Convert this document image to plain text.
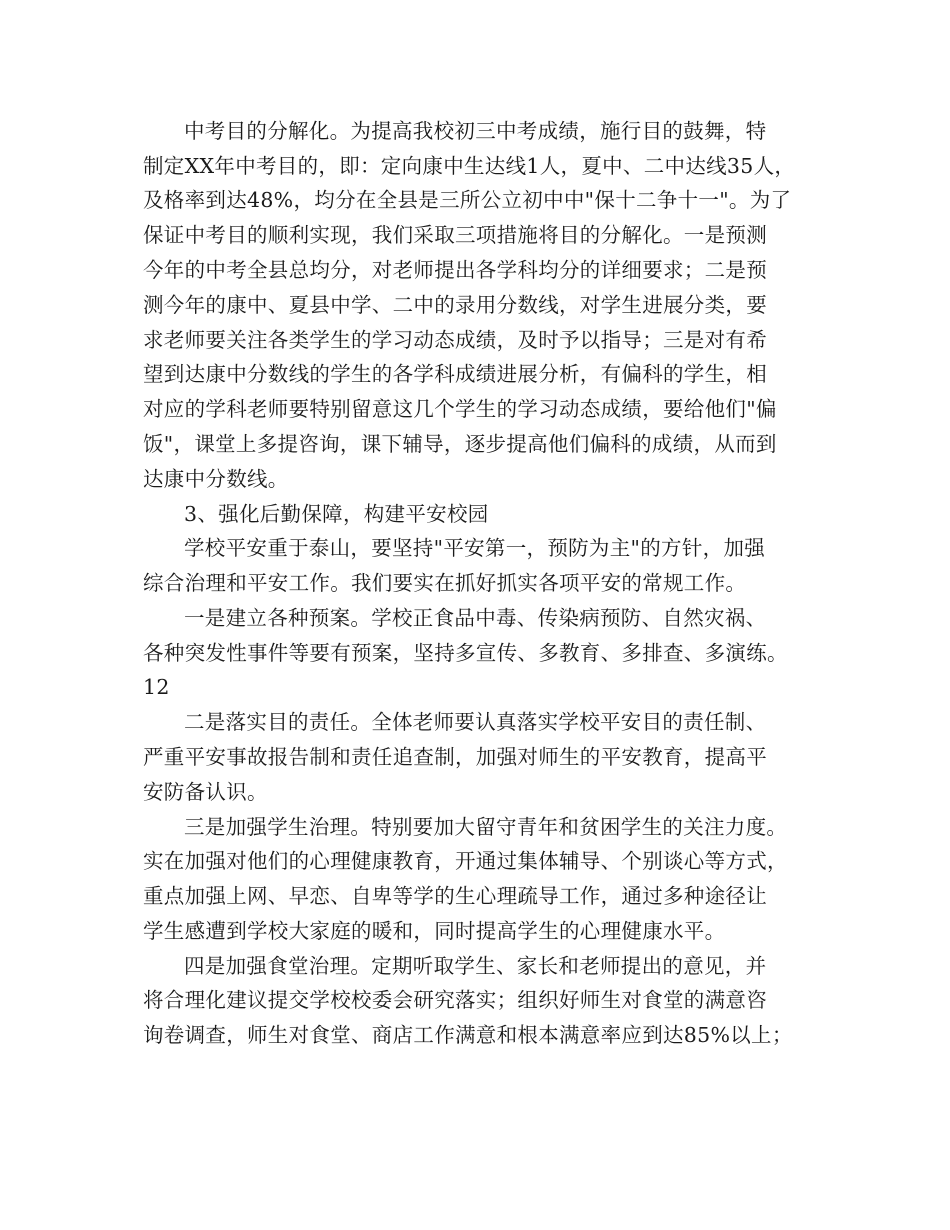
中考目的分解化。为提高我校初三中考成绩，施行目的鼓舞，特
制定XX年中考目的，即：定向康中生达线1人，夏中、二中达线35人，
及格率到达48%，均分在全县是三所公立初中中"保十二争十一"。为了
保证中考目的顺利实现，我们采取三项措施将目的分解化。一是预测
今年的中考全县总均分，对老师提出各学科均分的详细要求；二是预
测今年的康中、夏县中学、二中的录用分数线，对学生进展分类，要
求老师要关注各类学生的学习动态成绩，及时予以指导；三是对有希
望到达康中分数线的学生的各学科成绩进展分析，有偏科的学生，相
对应的学科老师要特别留意这几个学生的学习动态成绩，要给他们"偏
饭"，课堂上多提咨询，课下辅导，逐步提高他们偏科的成绩，从而到
达康中分数线。
3、强化后勤保障，构建平安校园
学校平安重于泰山，要坚持"平安第一，预防为主"的方针，加强
综合治理和平安工作。我们要实在抓好抓实各项平安的常规工作。
一是建立各种预案。学校正食品中毒、传染病预防、自然灾祸、
各种突发性事件等要有预案，坚持多宣传、多教育、多排查、多演练。
12
二是落实目的责任。全体老师要认真落实学校平安目的责任制、
严重平安事故报告制和责任追查制，加强对师生的平安教育，提高平
安防备认识。
三是加强学生治理。特别要加大留守青年和贫困学生的关注力度。
实在加强对他们的心理健康教育，开通过集体辅导、个别谈心等方式，
重点加强上网、早恋、自卑等学的生心理疏导工作，通过多种途径让
学生感遭到学校大家庭的暖和，同时提高学生的心理健康水平。
四是加强食堂治理。定期听取学生、家长和老师提出的意见，并
将合理化建议提交学校校委会研究落实；组织好师生对食堂的满意咨
询卷调查，师生对食堂、商店工作满意和根本满意率应到达85%以上；
